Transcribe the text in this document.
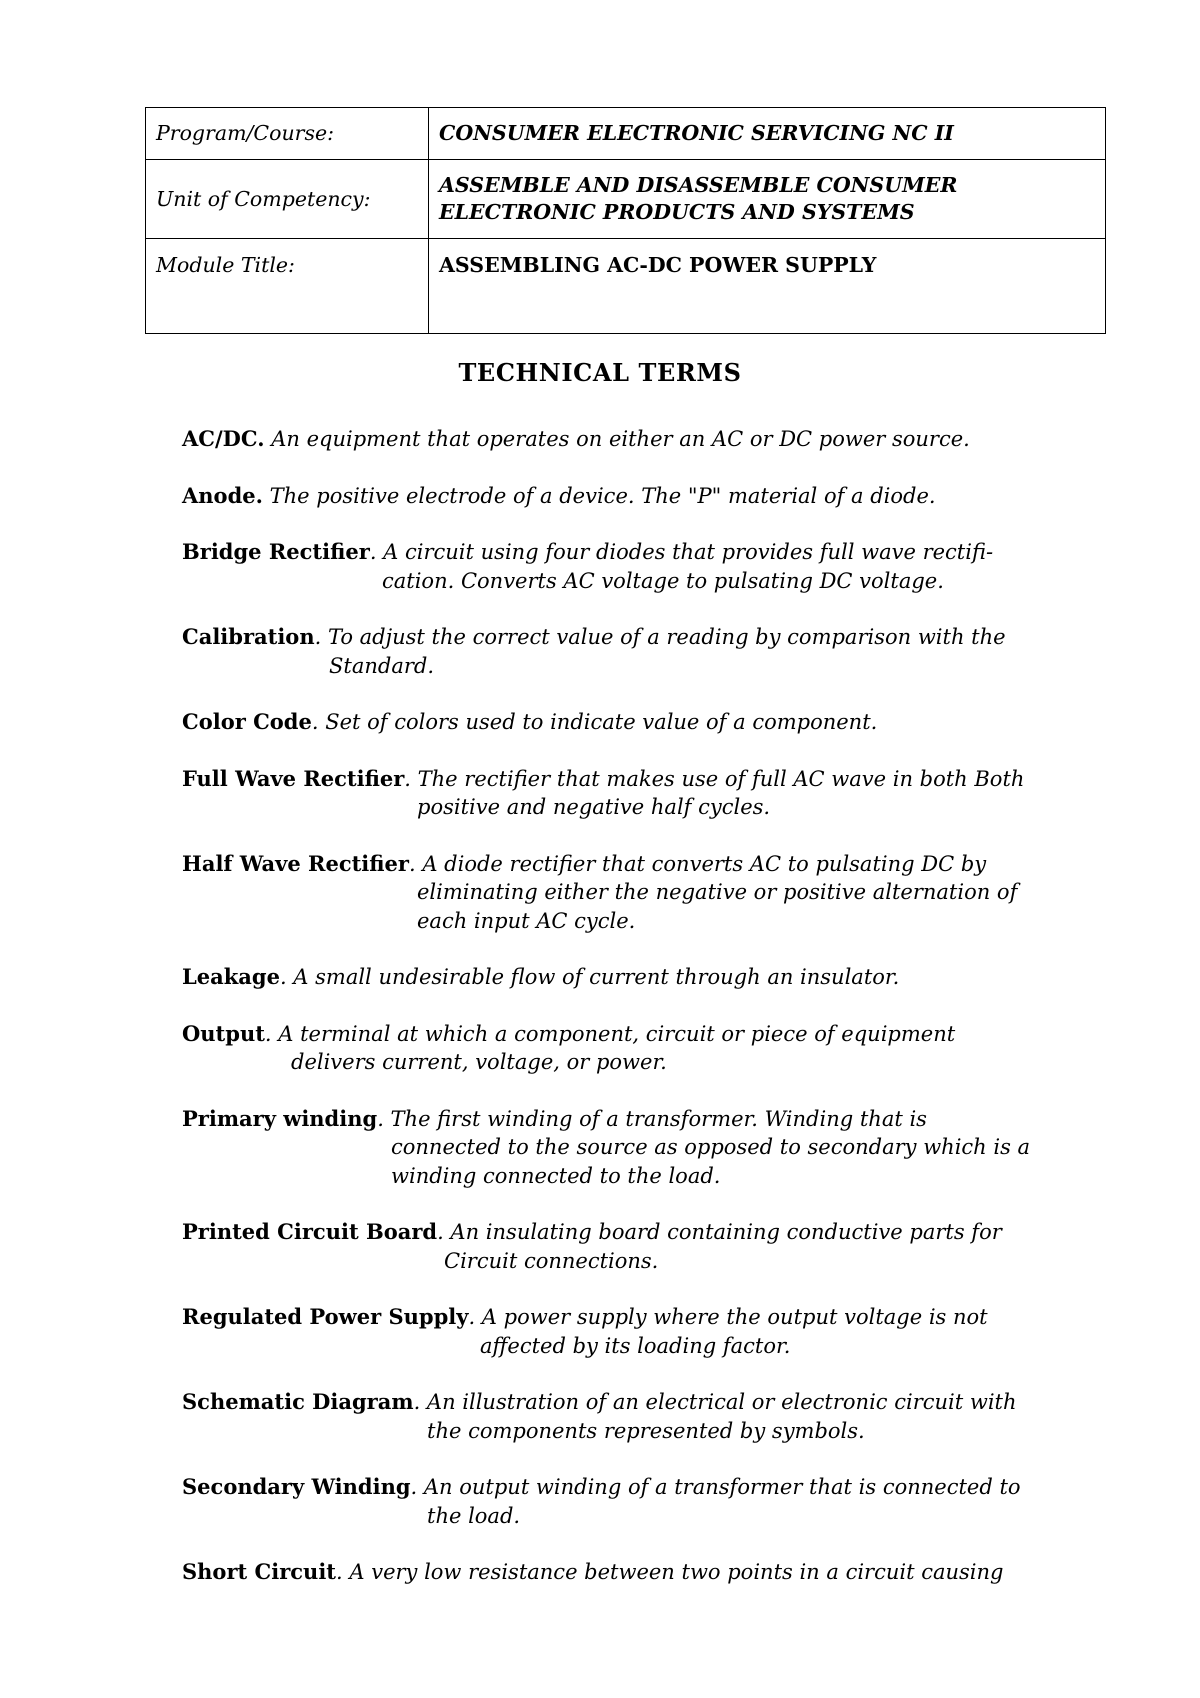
Program/Course:	CONSUMER ELECTRONIC SERVICING NC II
Unit of Competency:	ASSEMBLE AND DISASSEMBLE CONSUMER
ELECTRONIC PRODUCTS AND SYSTEMS

Module Title:	ASSEMBLING AC-DC POWER SUPPLY
TECHNICAL TERMS
AC/DC. An equipment that operates on either an AC or DC power source.
Anode. The positive electrode of a device. The "P" material of a diode.
Bridge Rectifier. A circuit using four diodes that provides full wave rectifi-
cation. Converts AC voltage to pulsating DC voltage.
Calibration. To adjust the correct value of a reading by comparison with the
Standard.
Color Code. Set of colors used to indicate value of a component.
Full Wave Rectifier. The rectifier that makes use of full AC wave in both Both
positive and negative half cycles.
Half Wave Rectifier. A diode rectifier that converts AC to pulsating DC by
eliminating either the negative or positive alternation of
each input AC cycle.
Leakage. A small undesirable flow of current through an insulator.
Output. A terminal at which a component, circuit or piece of equipment
delivers current, voltage, or power.
Primary winding. The first winding of a transformer. Winding that is
connected to the source as opposed to secondary which is a
winding connected to the load.
Printed Circuit Board. An insulating board containing conductive parts for
Circuit connections.
Regulated Power Supply. A power supply where the output voltage is not
affected by its loading factor.
Schematic Diagram. An illustration of an electrical or electronic circuit with
the components represented by symbols.
Secondary Winding. An output winding of a transformer that is connected to
the load.
Short Circuit. A very low resistance between two points in a circuit causing
